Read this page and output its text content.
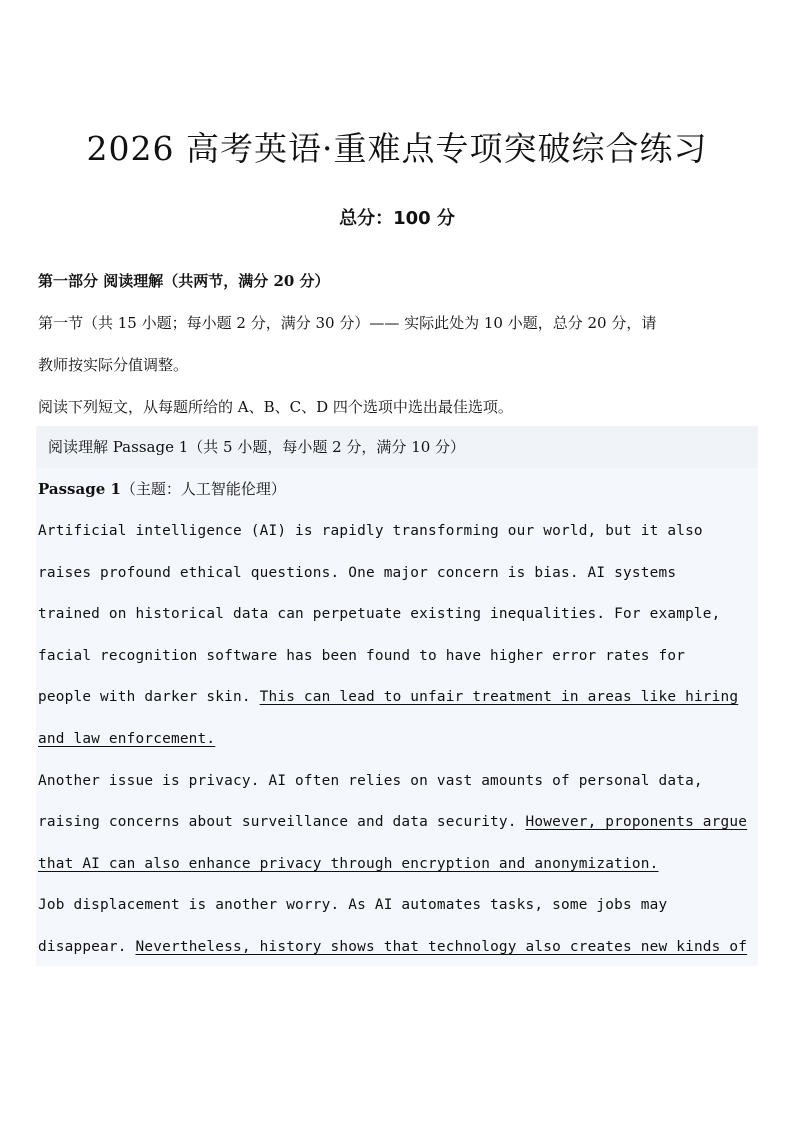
2026 高考英语·重难点专项突破综合练习
总分：100 分
第一部分 阅读理解（共两节，满分 20 分）
第一节（共 15 小题；每小题 2 分，满分 30 分）—— 实际此处为 10 小题，总分 20 分，请
教师按实际分值调整。
阅读下列短文，从每题所给的 A、B、C、D 四个选项中选出最佳选项。
阅读理解 Passage 1（共 5 小题，每小题 2 分，满分 10 分）
Passage 1（主题：人工智能伦理）
Artificial intelligence (AI) is rapidly transforming our world, but it also
raises profound ethical questions. One major concern is bias. AI systems
trained on historical data can perpetuate existing inequalities. For example,
facial recognition software has been found to have higher error rates for
people with darker skin. This can lead to unfair treatment in areas like hiring
and law enforcement.
Another issue is privacy. AI often relies on vast amounts of personal data,
raising concerns about surveillance and data security. However, proponents argue
that AI can also enhance privacy through encryption and anonymization.
Job displacement is another worry. As AI automates tasks, some jobs may
disappear. Nevertheless, history shows that technology also creates new kinds of
